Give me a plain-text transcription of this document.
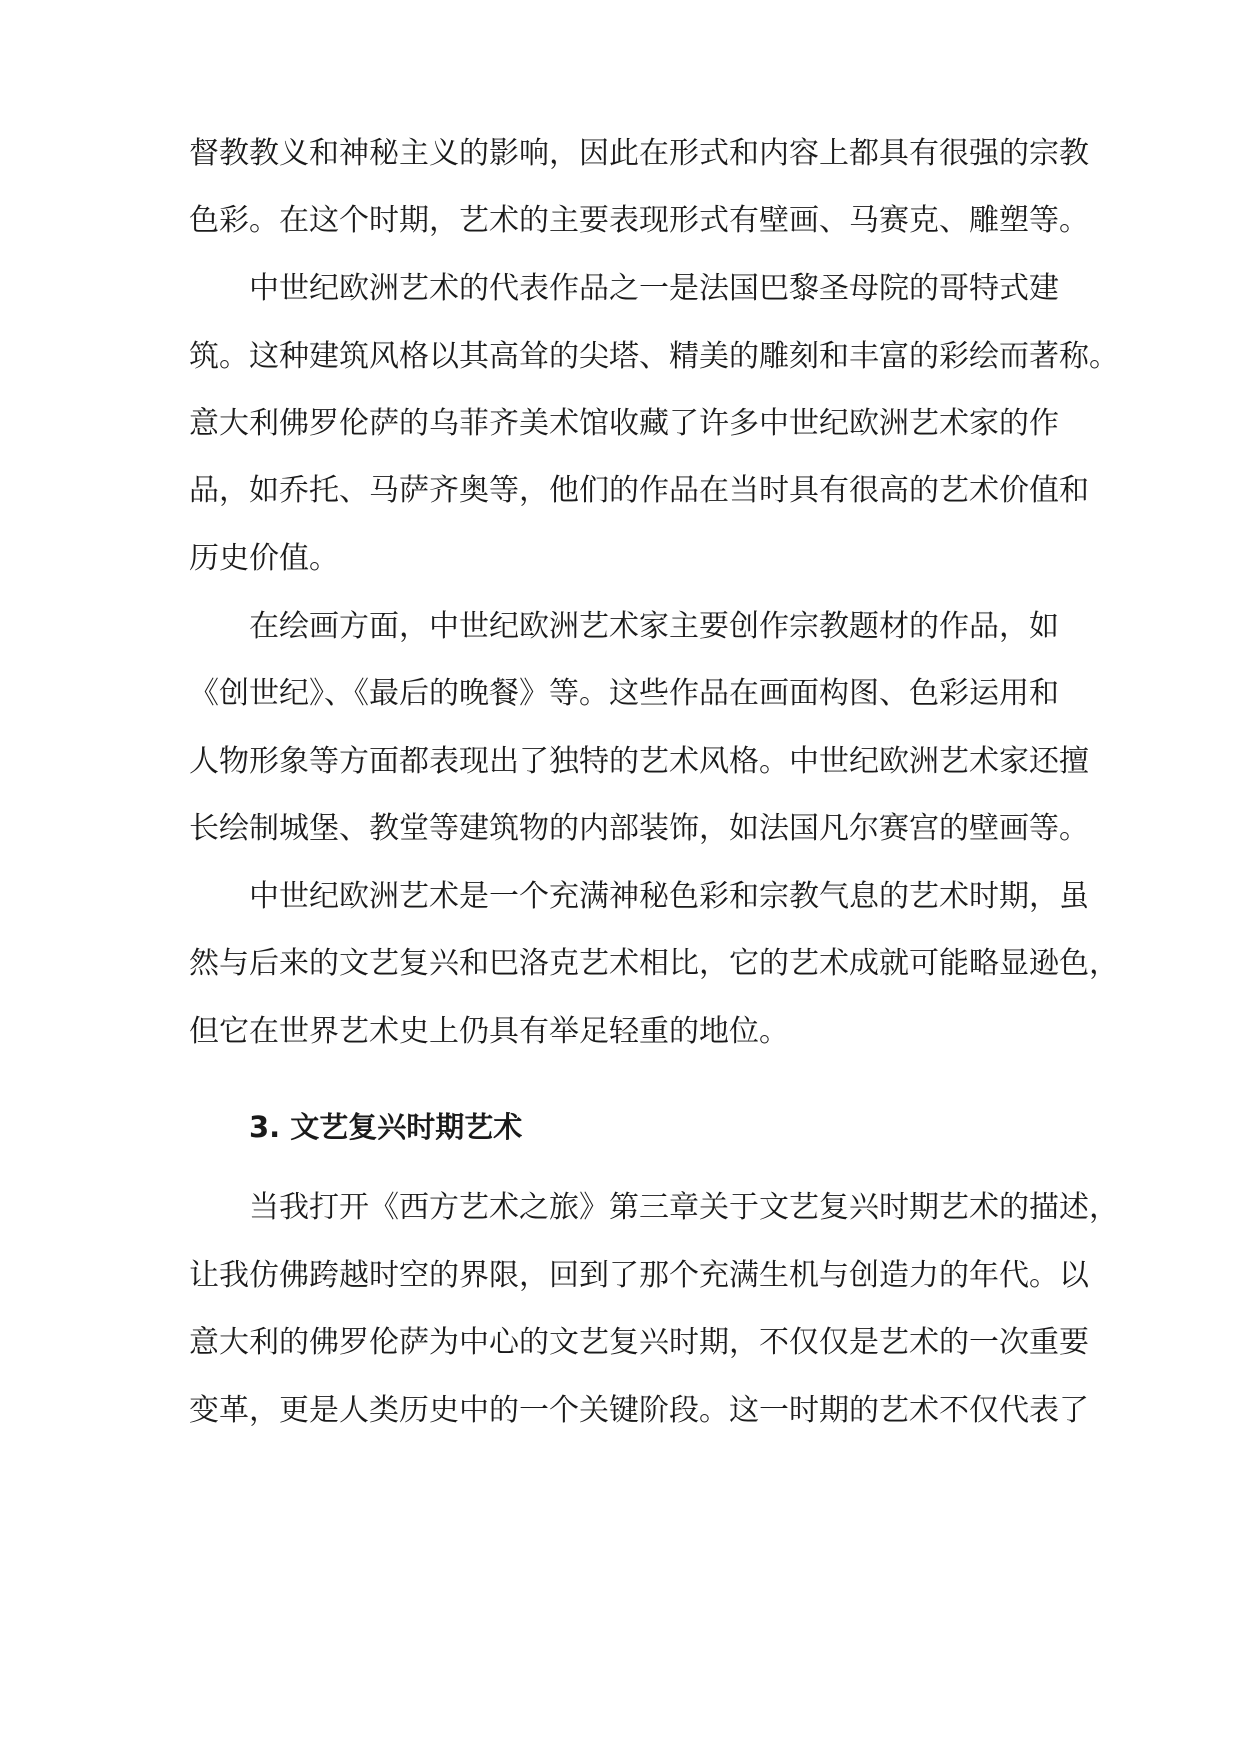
督教教义和神秘主义的影响，因此在形式和内容上都具有很强的宗教
色彩。在这个时期，艺术的主要表现形式有壁画、马赛克、雕塑等。
中世纪欧洲艺术的代表作品之一是法国巴黎圣母院的哥特式建
筑。这种建筑风格以其高耸的尖塔、精美的雕刻和丰富的彩绘而著称。
意大利佛罗伦萨的乌菲齐美术馆收藏了许多中世纪欧洲艺术家的作
品，如乔托、马萨齐奥等，他们的作品在当时具有很高的艺术价值和
历史价值。
在绘画方面，中世纪欧洲艺术家主要创作宗教题材的作品，如
《创世纪》、《最后的晚餐》等。这些作品在画面构图、色彩运用和
人物形象等方面都表现出了独特的艺术风格。中世纪欧洲艺术家还擅
长绘制城堡、教堂等建筑物的内部装饰，如法国凡尔赛宫的壁画等。
中世纪欧洲艺术是一个充满神秘色彩和宗教气息的艺术时期，虽
然与后来的文艺复兴和巴洛克艺术相比，它的艺术成就可能略显逊色，
但它在世界艺术史上仍具有举足轻重的地位。
3. 文艺复兴时期艺术
当我打开《西方艺术之旅》第三章关于文艺复兴时期艺术的描述，
让我仿佛跨越时空的界限，回到了那个充满生机与创造力的年代。以
意大利的佛罗伦萨为中心的文艺复兴时期，不仅仅是艺术的一次重要
变革，更是人类历史中的一个关键阶段。这一时期的艺术不仅代表了
